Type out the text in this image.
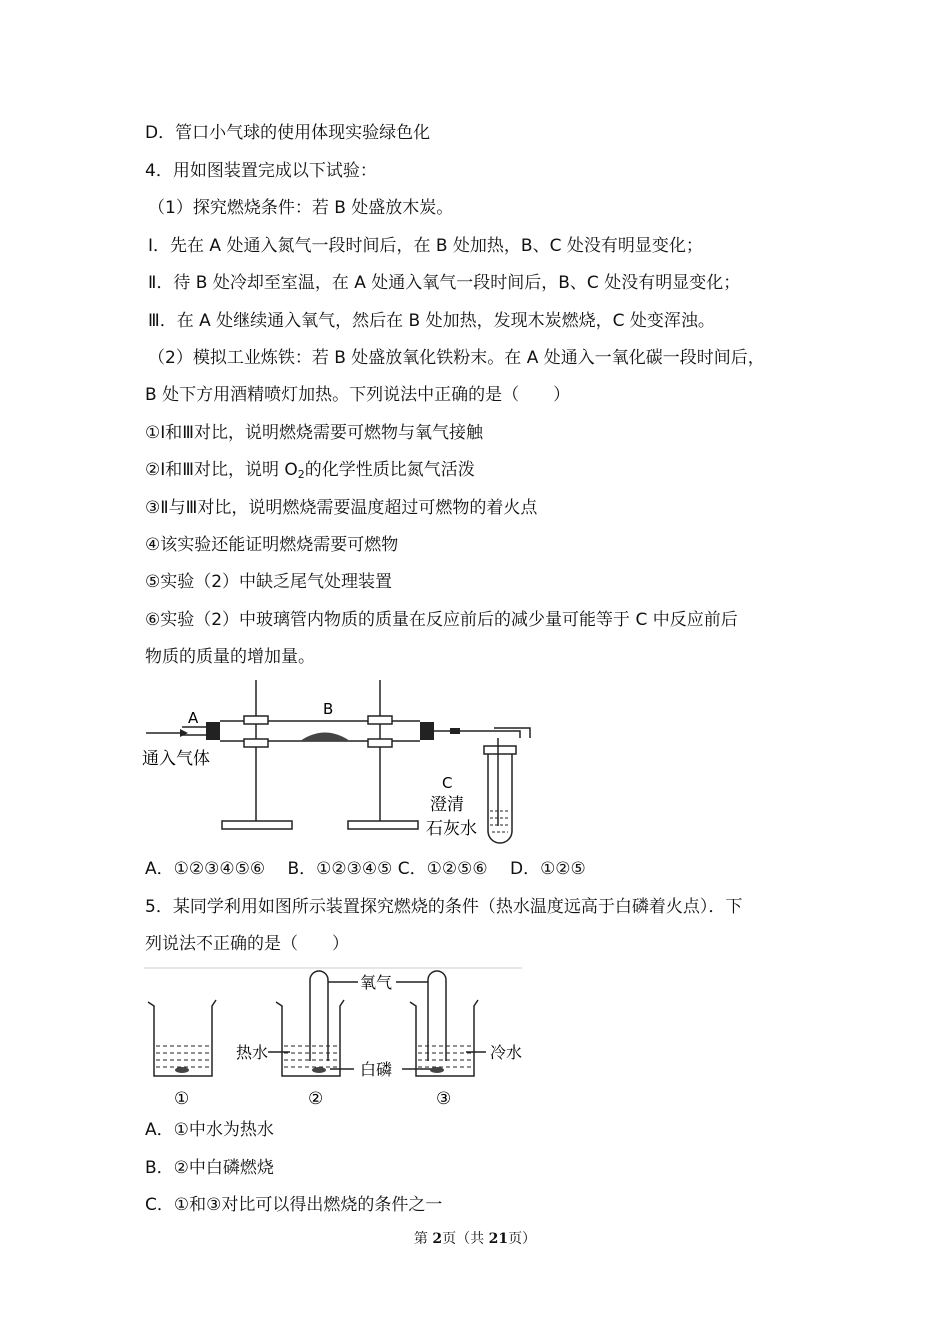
D．管口小气球的使用体现实验绿色化
4．用如图装置完成以下试验：
（1）探究燃烧条件：若 B 处盛放木炭。
Ⅰ．先在 A 处通入氮气一段时间后，在 B 处加热，B、C 处没有明显变化；
Ⅱ．待 B 处冷却至室温，在 A 处通入氧气一段时间后，B、C 处没有明显变化；
Ⅲ．在 A 处继续通入氧气，然后在 B 处加热，发现木炭燃烧，C 处变浑浊。
（2）模拟工业炼铁：若 B 处盛放氧化铁粉末。在 A 处通入一氧化碳一段时间后，
B 处下方用酒精喷灯加热。下列说法中正确的是（　　）
①Ⅰ和Ⅲ对比，说明燃烧需要可燃物与氧气接触
②Ⅰ和Ⅲ对比，说明 $O_2$的化学性质比氮气活泼
③Ⅱ与Ⅲ对比，说明燃烧需要温度超过可燃物的着火点
④该实验还能证明燃烧需要可燃物
⑤实验（2）中缺乏尾气处理装置
⑥实验（2）中玻璃管内物质的质量在反应前后的减少量可能等于 C 中反应前后
物质的质量的增加量。
A	B
通入气体
C
澄清
石灰水
A．①②③④⑤⑥　 B．①②③④⑤ C．①②⑤⑥　 D．①②⑤
5．某同学利用如图所示装置探究燃烧的条件（热水温度远高于白磷着火点）．下
列说法不正确的是（　　）
氧气
热水
白磷
冷水
①	②	③
A．①中水为热水
B．②中白磷燃烧
C．①和③对比可以得出燃烧的条件之一
第 2页（共 21页）
